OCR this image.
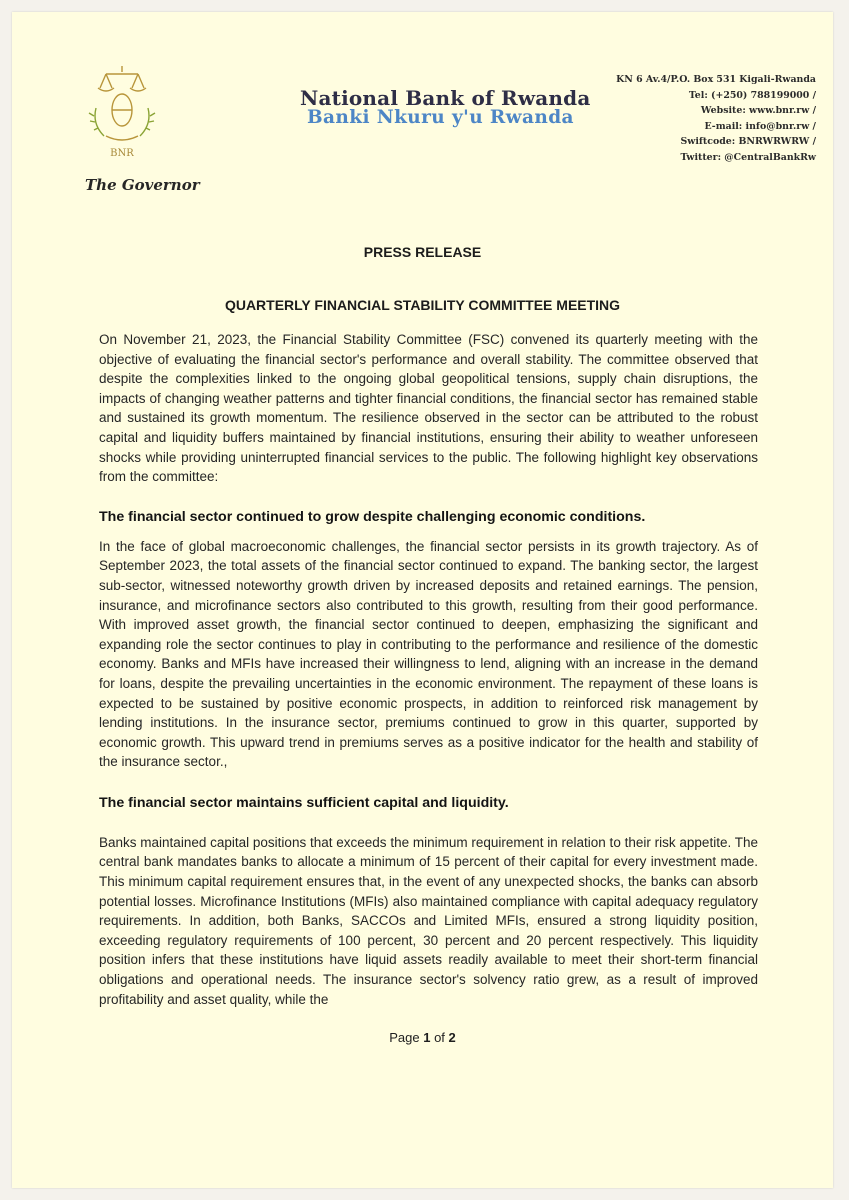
BNR
National Bank of Rwanda
Banki Nkuru y'u Rwanda
KN 6 Av.4/P.O. Box 531 Kigali-Rwanda
Tel: (+250) 788199000 /
Website: www.bnr.rw /
E-mail: info@bnr.rw /
Swiftcode: BNRWRWRW /
Twitter: @CentralBankRw
The Governor
PRESS RELEASE
QUARTERLY FINANCIAL STABILITY COMMITTEE MEETING

On November 21, 2023, the Financial Stability Committee (FSC) convened its quarterly meeting with the objective of evaluating the financial sector's performance and overall stability. The committee observed that despite the complexities linked to the ongoing global geopolitical tensions, supply chain disruptions, the impacts of changing weather patterns and tighter financial conditions, the financial sector has remained stable and sustained its growth momentum. The resilience observed in the sector can be attributed to the robust capital and liquidity buffers maintained by financial institutions, ensuring their ability to weather unforeseen shocks while providing uninterrupted financial services to the public. The following highlight key observations from the committee:

The financial sector continued to grow despite challenging economic conditions.

In the face of global macroeconomic challenges, the financial sector persists in its growth trajectory. As of September 2023, the total assets of the financial sector continued to expand. The banking sector, the largest sub-sector, witnessed noteworthy growth driven by increased deposits and retained earnings. The pension, insurance, and microfinance sectors also contributed to this growth, resulting from their good performance. With improved asset growth, the financial sector continued to deepen, emphasizing the significant and expanding role the sector continues to play in contributing to the performance and resilience of the domestic economy. Banks and MFIs have increased their willingness to lend, aligning with an increase in the demand for loans, despite the prevailing uncertainties in the economic environment. The repayment of these loans is expected to be sustained by positive economic prospects, in addition to reinforced risk management by lending institutions. In the insurance sector, premiums continued to grow in this quarter, supported by economic growth. This upward trend in premiums serves as a positive indicator for the health and stability of the insurance sector.,

The financial sector maintains sufficient capital and liquidity.

Banks maintained capital positions that exceeds the minimum requirement in relation to their risk appetite. The central bank mandates banks to allocate a minimum of 15 percent of their capital for every investment made. This minimum capital requirement ensures that, in the event of any unexpected shocks, the banks can absorb potential losses. Microfinance Institutions (MFIs) also maintained compliance with capital adequacy regulatory requirements. In addition, both Banks, SACCOs and Limited MFIs, ensured a strong liquidity position, exceeding regulatory requirements of 100 percent, 30 percent and 20 percent respectively. This liquidity position infers that these institutions have liquid assets readily available to meet their short-term financial obligations and operational needs. The insurance sector's solvency ratio grew, as a result of improved profitability and asset quality, while the

Page 1 of 2
